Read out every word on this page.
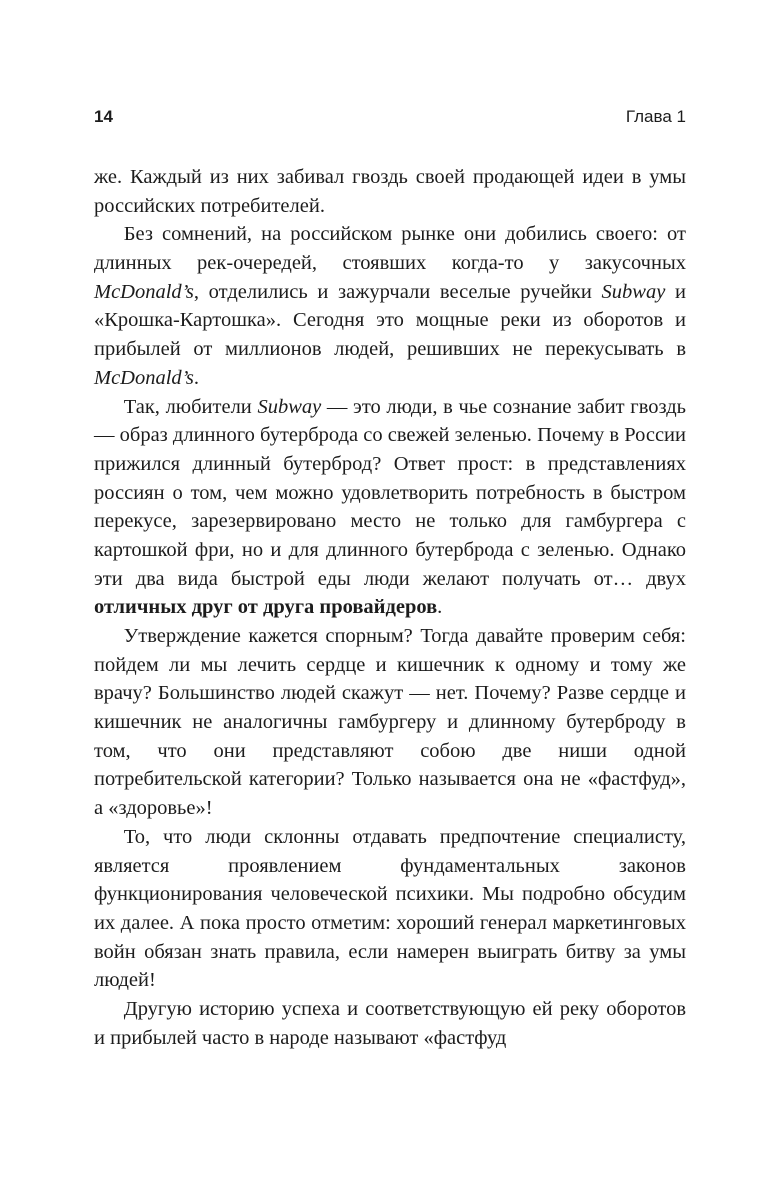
14	Глава 1

же. Каждый из них забивал гвоздь своей продающей идеи в умы российских потребителей.

Без сомнений, на российском рынке они добились своего: от длинных рек-очередей, стоявших когда-то у закусочных McDonald’s, отделились и зажурчали веселые ручейки Subway и «Крошка-Картошка». Сегодня это мощные реки из оборотов и прибылей от миллионов людей, решивших не перекусывать в McDonald’s.

Так, любители Subway — это люди, в чье сознание забит гвоздь — образ длинного бутерброда со свежей зеленью. Почему в России прижился длинный бутерброд? Ответ прост: в представлениях россиян о том, чем можно удовлетворить потребность в быстром перекусе, зарезервировано место не только для гамбургера с картошкой фри, но и для длинного бутерброда с зеленью. Однако эти два вида быстрой еды люди желают получать от… двух отличных друг от друга провайдеров.

Утверждение кажется спорным? Тогда давайте проверим себя: пойдем ли мы лечить сердце и кишечник к одному и тому же врачу? Большинство людей скажут — нет. Почему? Разве сердце и кишечник не аналогичны гамбургеру и длинному бутерброду в том, что они представляют собою две ниши одной потребительской категории? Только называется она не «фастфуд», а «здоровье»!

То, что люди склонны отдавать предпочтение специалисту, является проявлением фундаментальных законов функционирования человеческой психики. Мы подробно обсудим их далее. А пока просто отметим: хороший генерал маркетинговых войн обязан знать правила, если намерен выиграть битву за умы людей!

Другую историю успеха и соответствующую ей реку оборотов и прибылей часто в народе называют «фастфуд
